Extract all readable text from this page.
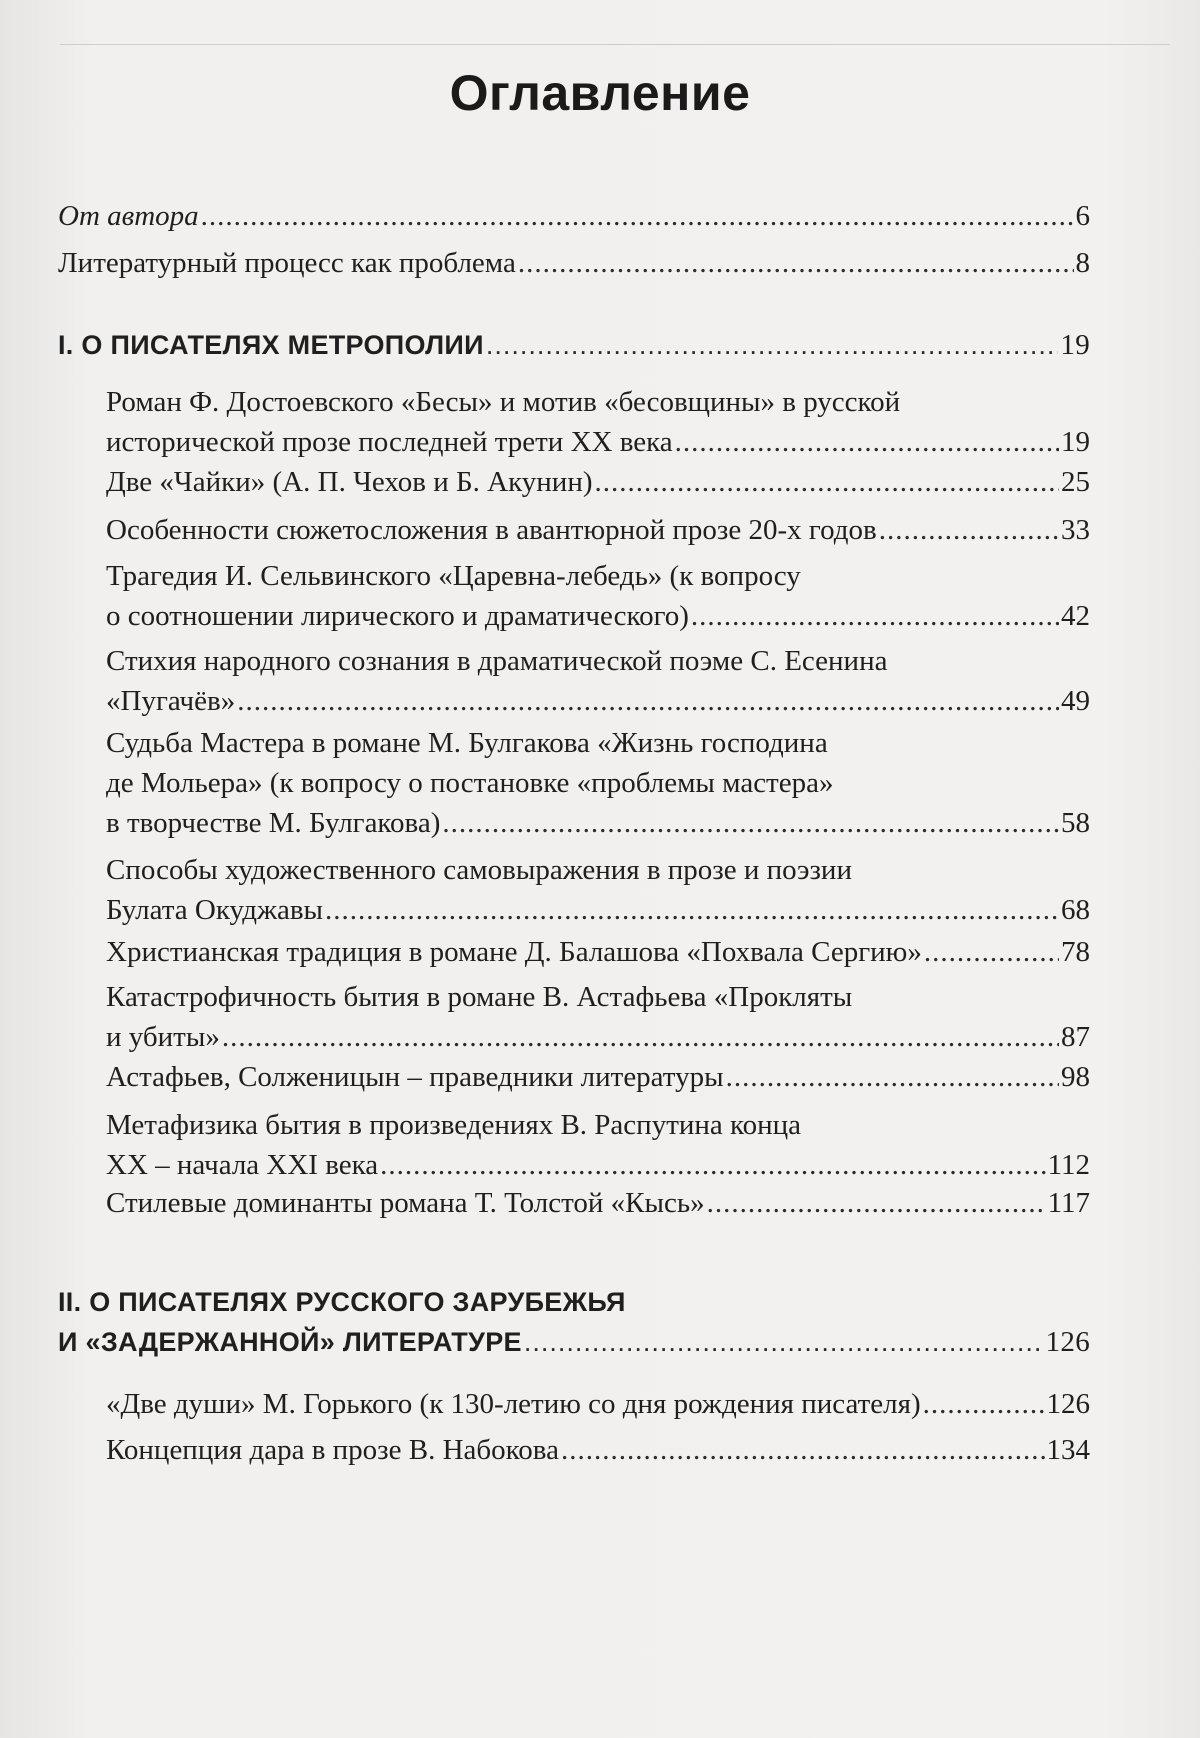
Оглавление
От автора .....	6
Литературный процесс как проблема .....	8
I. О ПИСАТЕЛЯХ МЕТРОПОЛИИ .....	19
Роман Ф. Достоевского «Бесы» и мотив «бесовщины» в русской
исторической прозе последней трети XX века .....	19
Две «Чайки» (А. П. Чехов и Б. Акунин) .....	25
Особенности сюжетосложения в авантюрной прозе 20-х годов .....	33
Трагедия И. Сельвинского «Царевна-лебедь» (к вопросу
о соотношении лирического и драматического) .....	42
Стихия народного сознания в драматической поэме С. Есенина
«Пугачёв» .....	49
Судьба Мастера в романе М. Булгакова «Жизнь господина
де Мольера» (к вопросу о постановке «проблемы мастера»
в творчестве М. Булгакова) .....	58
Способы художественного самовыражения в прозе и поэзии
Булата Окуджавы .....	68
Христианская традиция в романе Д. Балашова «Похвала Сергию» .....	78
Катастрофичность бытия в романе В. Астафьева «Прокляты
и убиты» .....	87
Астафьев, Солженицын – праведники литературы .....	98
Метафизика бытия в произведениях В. Распутина конца
XX – начала XXI века .....	112
Стилевые доминанты романа Т. Толстой «Кысь» .....	117
II. О ПИСАТЕЛЯХ РУССКОГО ЗАРУБЕЖЬЯ
И «ЗАДЕРЖАННОЙ» ЛИТЕРАТУРЕ .....	126
«Две души» М. Горького (к 130-летию со дня рождения писателя) .....	126
Концепция дара в прозе В. Набокова .....	134
